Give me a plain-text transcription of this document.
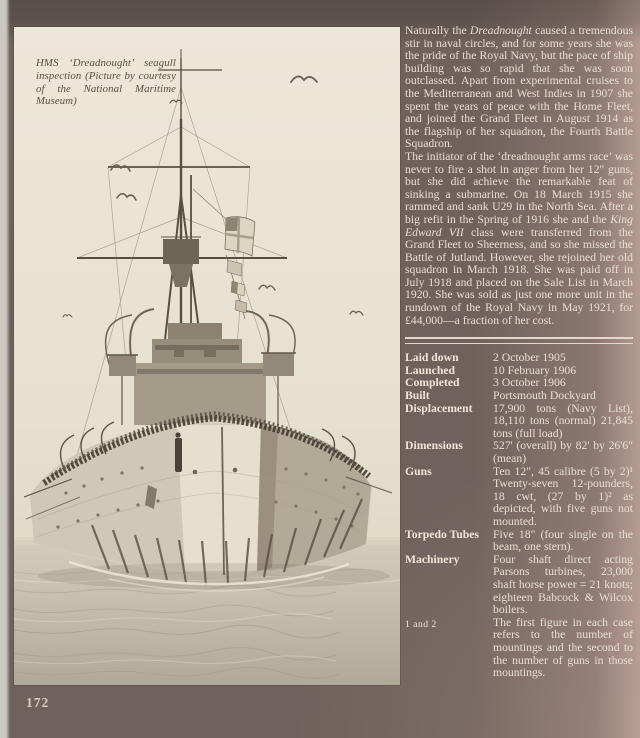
HMS ‘Dreadnought’ seagull inspection (Picture by courtesy of the National Maritime Museum)

Naturally the Dreadnought caused a tremendous stir in naval circles, and for some years she was the pride of the Royal Navy, but the pace of ship building was so rapid that she was soon outclassed. Apart from experimental cruises to the Mediterranean and West Indies in 1907 she spent the years of peace with the Home Fleet, and joined the Grand Fleet in August 1914 as the flagship of her squadron, the Fourth Battle Squadron.

The initiator of the ‘dreadnought arms race’ was never to fire a shot in anger from her 12" guns, but she did achieve the remarkable feat of sinking a submarine. On 18 March 1915 she rammed and sank U29 in the North Sea. After a big refit in the Spring of 1916 she and the King Edward VII class were transferred from the Grand Fleet to Sheerness, and so she missed the Battle of Jutland. However, she rejoined her old squadron in March 1918. She was paid off in July 1918 and placed on the Sale List in March 1920. She was sold as just one more unit in the rundown of the Royal Navy in May 1921, for £44,000—a fraction of her cost.

Laid down	2 October 1905
Launched	10 February 1906
Completed	3 October 1906
Built	Portsmouth Dockyard
Displacement	17,900 tons (Navy List), 18,110 tons (normal) 21,845 tons (full load)
Dimensions	527' (overall) by 82' by 26'6" (mean)
Guns	Ten 12", 45 calibre (5 by 2)¹ Twenty-seven 12-pounders, 18 cwt, (27 by 1)² as depicted, with five guns not mounted.
Torpedo Tubes	Five 18" (four single on the beam, one stern).
Machinery	Four shaft direct acting Parsons turbines, 23,000 shaft horse power = 21 knots; eighteen Babcock & Wilcox boilers.
1 and 2	The first figure in each case refers to the number of mountings and the second to the number of guns in those mountings.
172
